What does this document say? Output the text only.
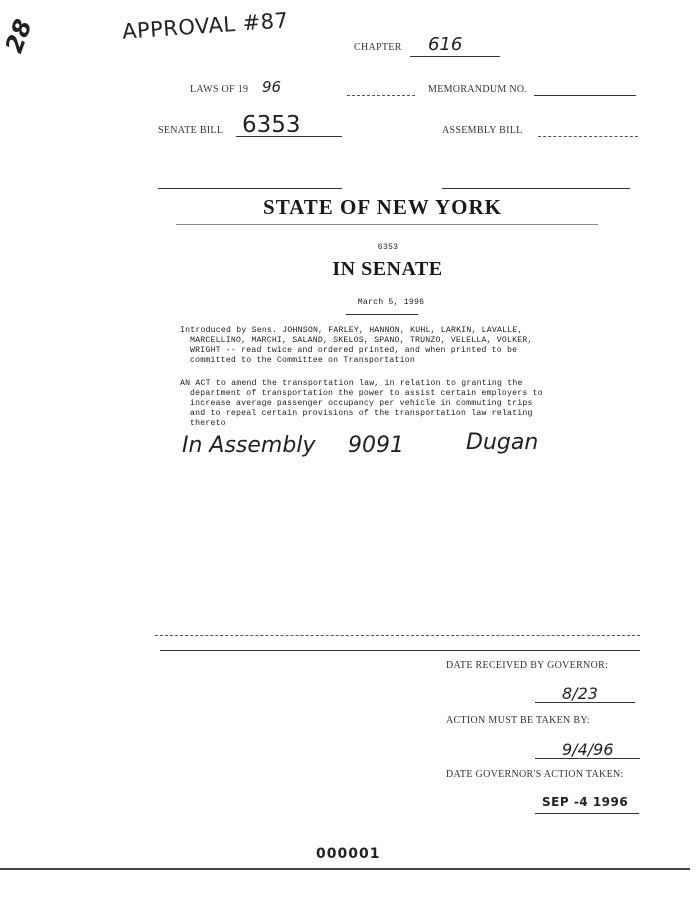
28	APPROVAL #87
CHAPTER 616
LAWS OF 19 96	MEMORANDUM NO.
SENATE BILL 6353	ASSEMBLY BILL
STATE OF NEW YORK
6353
IN SENATE
March 5, 1996
Introduced by Sens. JOHNSON, FARLEY, HANNON, KUHL, LARKIN, LAVALLE,
MARCELLINO, MARCHI, SALAND, SKELOS, SPANO, TRUNZO, VELELLA, VOLKER,
WRIGHT -- read twice and ordered printed, and when printed to be
committed to the Committee on Transportation
AN ACT to amend the transportation law, in relation to granting the
department of transportation the power to assist certain employers to
increase average passenger occupancy per vehicle in commuting trips
and to repeal certain provisions of the transportation law relating
thereto
In Assembly 9091	Dugan
DATE RECEIVED BY GOVERNOR:
8/23
ACTION MUST BE TAKEN BY:
9/4/96
DATE GOVERNOR'S ACTION TAKEN:
SEP -4 1996
000001
